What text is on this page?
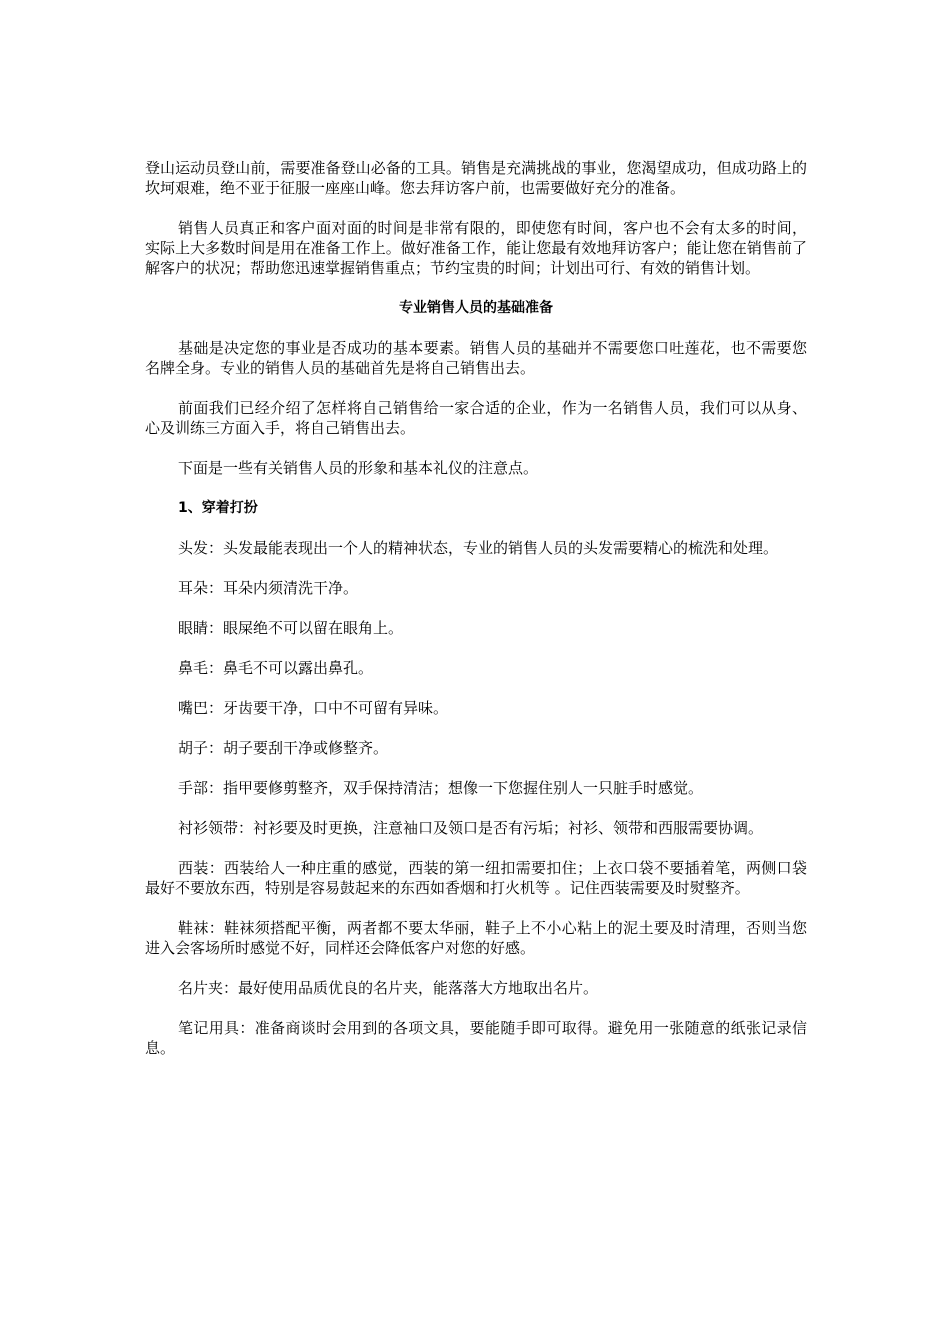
登山运动员登山前，需要准备登山必备的工具。销售是充满挑战的事业，您渴望成功，但成功路上的坎坷艰难，绝不亚于征服一座座山峰。您去拜访客户前，也需要做好充分的准备。

销售人员真正和客户面对面的时间是非常有限的，即使您有时间，客户也不会有太多的时间，实际上大多数时间是用在准备工作上。做好准备工作，能让您最有效地拜访客户；能让您在销售前了解客户的状况；帮助您迅速掌握销售重点；节约宝贵的时间；计划出可行、有效的销售计划。

专业销售人员的基础准备

基础是决定您的事业是否成功的基本要素。销售人员的基础并不需要您口吐莲花，也不需要您名牌全身。专业的销售人员的基础首先是将自己销售出去。

前面我们已经介绍了怎样将自己销售给一家合适的企业，作为一名销售人员，我们可以从身、心及训练三方面入手，将自己销售出去。

下面是一些有关销售人员的形象和基本礼仪的注意点。

1、穿着打扮

头发：头发最能表现出一个人的精神状态，专业的销售人员的头发需要精心的梳洗和处理。

耳朵：耳朵内须清洗干净。

眼睛：眼屎绝不可以留在眼角上。

鼻毛：鼻毛不可以露出鼻孔。

嘴巴：牙齿要干净，口中不可留有异味。

胡子：胡子要刮干净或修整齐。

手部：指甲要修剪整齐，双手保持清洁；想像一下您握住别人一只脏手时感觉。

衬衫领带：衬衫要及时更换，注意袖口及领口是否有污垢；衬衫、领带和西服需要协调。

西装：西装给人一种庄重的感觉，西装的第一纽扣需要扣住；上衣口袋不要插着笔，两侧口袋最好不要放东西，特别是容易鼓起来的东西如香烟和打火机等 。记住西装需要及时熨整齐。

鞋袜：鞋袜须搭配平衡，两者都不要太华丽，鞋子上不小心粘上的泥土要及时清理，否则当您进入会客场所时感觉不好，同样还会降低客户对您的好感。

名片夹：最好使用品质优良的名片夹，能落落大方地取出名片。

笔记用具：准备商谈时会用到的各项文具，要能随手即可取得。避免用一张随意的纸张记录信息。
